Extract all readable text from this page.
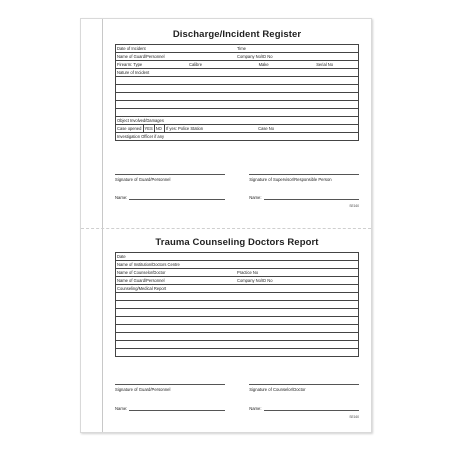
Discharge/Incident Register
Date of Incident	Time

Name of Guard/Personnel	Company No/ID No

Firearm: Type	Calibre	Make	Serial No

Nature of Incident

Object Involved/Damages

Case opened YES NO If yes: Police Station	Case No

Investigation Officer if any
Signature of Guard/Personnel	Signature of Supervisor/Responsible Person
Name:	Name:
SE160
Trauma Counseling Doctors Report
Date
Name of Institution/Doctors Centre

Name of Counselor/Doctor	Practice No

Name of Guard/Personnel	Company No/ID No

Counseling/Medical Report

Signature of Guard/Personnel	Signature of Counselor/Doctor
Name:	Name:
SE160
